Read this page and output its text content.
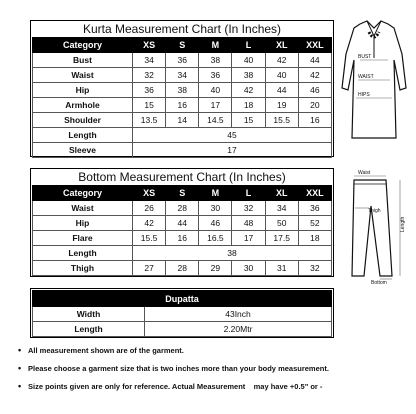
Kurta Measurement Chart (In Inches)
Category	XS	S	M	L	XL	XXL
Bust	34	36	38	40	42	44
Waist	32	34	36	38	40	42
Hip	36	38	40	42	44	46
Armhole	15	16	17	18	19	20
Shoulder	13.5	14	14.5	15	15.5	16
Length	45					
Sleeve	17					
BUST
WAIST
HIPS
Bottom Measurement Chart (In Inches)
Category	XS	S	M	L	XL	XXL
Waist	26	28	30	32	34	36
Hip	42	44	46	48	50	52
Flare	15.5	16	16.5	17	17.5	18
Length	38					
Thigh	27	28	29	30	31	32
Waist
Thigh
Length
Bottom
Dupatta	
Width	43Inch
Length	2.20Mtr
• All measurement shown are of the garment.
• Please choose a garment size that is two inches more than your body measurement.
• Size points given are only for reference. Actual Measurement    may have +0.5" or -
